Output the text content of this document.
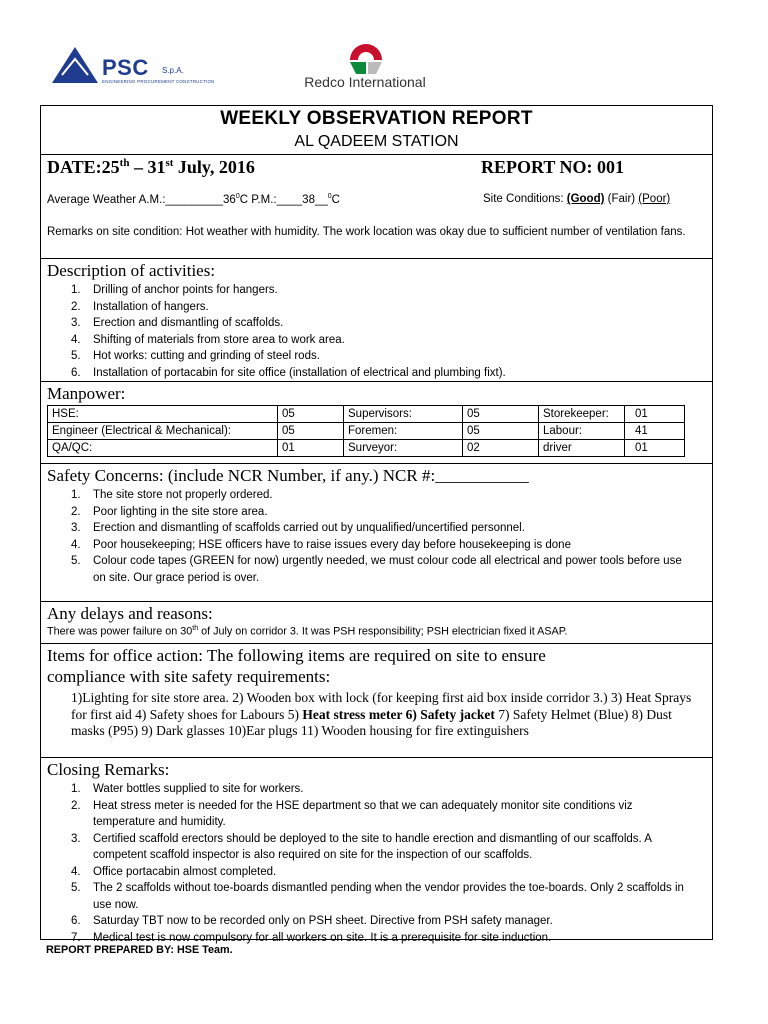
PSC S.p.A.
ENGINEERING PROCUREMENT CONSTRUCTION	Redco International
WEEKLY OBSERVATION REPORT
AL QADEEM STATION
DATE:25th – 31st July, 2016	REPORT NO: 001
Average Weather $A.M.:\_\_\_\_\_\_\_\_\_36^0C$ P.M.:____38__$^0$C	Site Conditions: (Good) (Fair) (Poor)
Remarks on site condition: Hot weather with humidity. The work location was okay due to sufficient number of ventilation fans.
Description of activities:
1. Drilling of anchor points for hangers.
2. Installation of hangers.
3. Erection and dismantling of scaffolds.
4. Shifting of materials from store area to work area.
5. Hot works: cutting and grinding of steel rods.
6. Installation of portacabin for site office (installation of electrical and plumbing fixt).
Manpower:
HSE:	05	Supervisors:	05	Storekeeper:	01
Engineer (Electrical & Mechanical):	05	Foremen:	05	Labour:	41
QA/QC:	01	Surveyor:	02	driver	01
Safety Concerns: (include NCR Number, if any.) NCR #:___________
1. The site store not properly ordered.
2. Poor lighting in the site store area.
3. Erection and dismantling of scaffolds carried out by unqualified/uncertified personnel.
4. Poor housekeeping; HSE officers have to raise issues every day before housekeeping is done
5. Colour code tapes (GREEN for now) urgently needed, we must colour code all electrical and power tools before use on site. Our grace period is over.
Any delays and reasons:
There was power failure on 30th of July on corridor 3. It was PSH responsibility; PSH electrician fixed it ASAP.
Items for office action: The following items are required on site to ensure
compliance with site safety requirements:
1)Lighting for site store area. 2) Wooden box with lock (for keeping first aid box inside corridor 3.) 3) Heat Sprays for first aid 4) Safety shoes for Labours 5) Heat stress meter 6) Safety jacket 7) Safety Helmet (Blue) 8) Dust masks (P95) 9) Dark glasses 10)Ear plugs 11) Wooden housing for fire extinguishers
Closing Remarks:
1. Water bottles supplied to site for workers.
2. Heat stress meter is needed for the HSE department so that we can adequately monitor site conditions viz temperature and humidity.
3. Certified scaffold erectors should be deployed to the site to handle erection and dismantling of our scaffolds. A competent scaffold inspector is also required on site for the inspection of our scaffolds.
4. Office portacabin almost completed.
5. The 2 scaffolds without toe-boards dismantled pending when the vendor provides the toe-boards. Only 2 scaffolds in use now.
6. Saturday TBT now to be recorded only on PSH sheet. Directive from PSH safety manager.
7. Medical test is now compulsory for all workers on site. It is a prerequisite for site induction.
REPORT PREPARED BY: HSE Team.
